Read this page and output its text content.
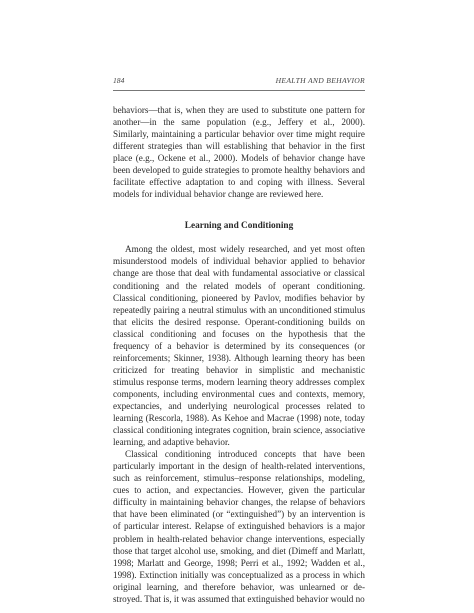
184	HEALTH AND BEHAVIOR

behaviors—that is, when they are used to substitute one pattern for another—in the same population (e.g., Jeffery et al., 2000). Similarly, maintaining a particular behavior over time might require different strategies than will establishing that behavior in the first place (e.g., Ockene et al., 2000). Models of behavior change have been developed to guide strategies to promote healthy behaviors and facilitate effective adaptation to and coping with illness. Several models for individual behavior change are reviewed here.

Learning and Conditioning

Among the oldest, most widely researched, and yet most often misunderstood models of individual behavior applied to behavior change are those that deal with fundamental associative or classical conditioning and the related models of operant conditioning. Classical conditioning, pioneered by Pavlov, modifies behavior by repeatedly pairing a neutral stimulus with an unconditioned stimulus that elicits the desired response. Operant-conditioning builds on classical conditioning and focuses on the hypothesis that the frequency of a behavior is determined by its consequences (or reinforcements; Skinner, 1938). Although learning theory has been criticized for treating behavior in simplistic and mechanistic stimulus response terms, modern learning theory addresses complex components, including environmental cues and contexts, memory, expectancies, and underlying neurological processes related to learning (Rescorla, 1988). As Kehoe and Macrae (1998) note, today classical conditioning integrates cognition, brain science, associative learning, and adaptive behavior.

Classical conditioning introduced concepts that have been particularly important in the design of health-related interventions, such as reinforcement, stimulus–response relationships, modeling, cues to action, and expectancies. However, given the particular difficulty in maintaining behavior changes, the relapse of behaviors that have been eliminated (or “extinguished”) by an intervention is of particular interest. Relapse of extinguished behaviors is a major problem in health-related behavior change interventions, especially those that target alcohol use, smoking, and diet (Dimeff and Marlatt, 1998; Marlatt and George, 1998; Perri et al., 1992; Wadden et al., 1998). Extinction initially was conceptualized as a process in which original learning, and therefore behavior, was unlearned or destroyed. That is, it was assumed that extinguished behavior would no
